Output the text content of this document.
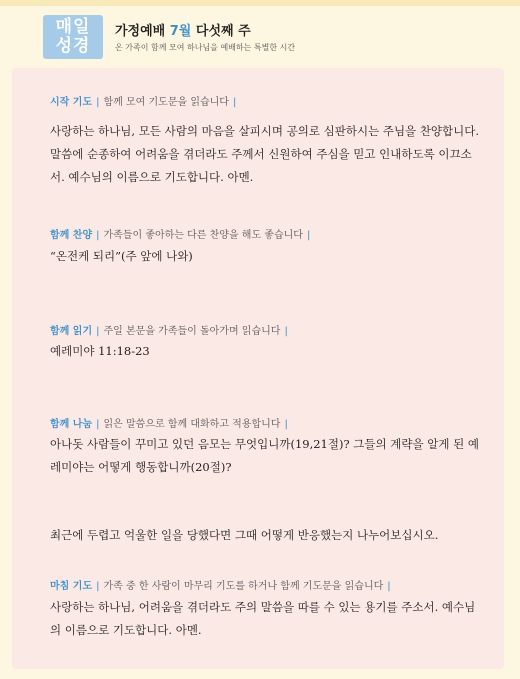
매일
성경
가정예배 7월 다섯째 주
온 가족이 함께 모여 하나님을 예배하는 특별한 시간
시작 기도 | 함께 모여 기도문을 읽습니다 |
사랑하는 하나님, 모든 사람의 마음을 살피시며 공의로 심판하시는 주님을 찬양합니다. 말씀에 순종하여 어려움을 겪더라도 주께서 신원하여 주심을 믿고 인내하도록 이끄소서. 예수님의 이름으로 기도합니다. 아멘.
함께 찬양 | 가족들이 좋아하는 다른 찬양을 해도 좋습니다 |
“온전케 되리”(주 앞에 나와)
함께 읽기 | 주일 본문을 가족들이 돌아가며 읽습니다 |
예레미야 11:18-23
함께 나눔 | 읽은 말씀으로 함께 대화하고 적용합니다 |
아나돗 사람들이 꾸미고 있던 음모는 무엇입니까(19,21절)? 그들의 계략을 알게 된 예레미야는 어떻게 행동합니까(20절)?
최근에 두렵고 억울한 일을 당했다면 그때 어떻게 반응했는지 나누어보십시오.
마침 기도 | 가족 중 한 사람이 마무리 기도를 하거나 함께 기도문을 읽습니다 |
사랑하는 하나님, 어려움을 겪더라도 주의 말씀을 따를 수 있는 용기를 주소서. 예수님의 이름으로 기도합니다. 아멘.
